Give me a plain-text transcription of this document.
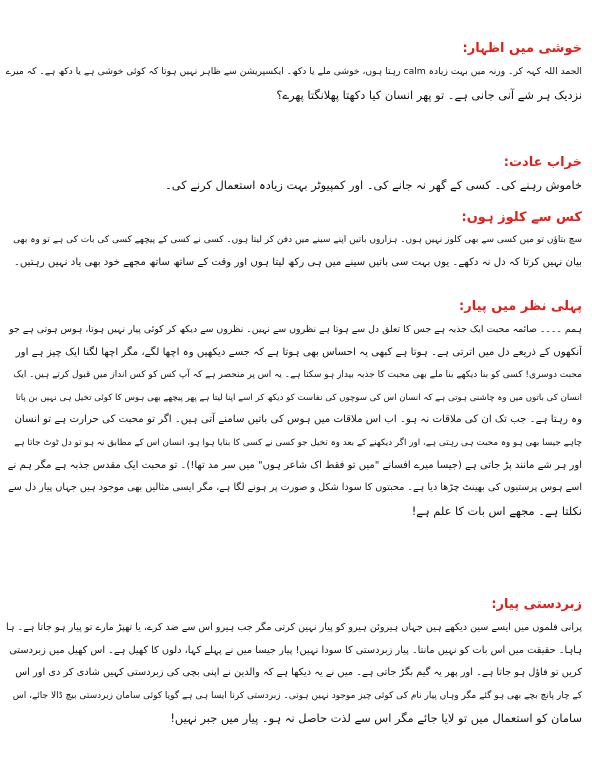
خوشی میں اظہار:
الحمد اللہ کہہ کر۔ ورنہ میں بہت زیادہ calm رہتا ہوں، خوشی ملے یا دکھ۔ ایکسپریشن سے ظاہر نہیں ہوتا کہ کوئی خوشی ہے یا دکھ ہے۔ کہ میرے
نزدیک ہر شے آنی جانی ہے۔ تو پھر انسان کیا دکھتا پھلانگتا پھرے؟
خراب عادت:
خاموش رہنے کی۔ کسی کے گھر نہ جانے کی۔ اور کمپیوٹر بہت زیادہ استعمال کرنے کی۔
کس سے کلوز ہوں:
سچ بتاؤں تو میں کسی سے بھی کلوز نہیں ہوں۔ ہزاروں باتیں اپنے سینے میں دفن کر لیتا ہوں۔ کسی نے کسی کے پیچھے کسی کی بات کی ہے تو وہ بھی
بیان نہیں کرتا کہ دل نہ دکھے۔ یوں بہت سی باتیں سینے میں ہی رکھ لیتا ہوں اور وقت کے ساتھ ساتھ مجھے خود بھی یاد نہیں رہتیں۔
پہلی نظر میں پیار:
ہمم ۔۔۔۔ صائمہ محبت ایک جذبہ ہے جس کا تعلق دل سے ہوتا ہے نظروں سے نہیں۔ نظروں سے دیکھ کر کوئی پیار نہیں ہوتا، ہوس ہوتی ہے جو
آنکھوں کے ذریعے دل میں اترتی ہے۔ ہوتا ہے کبھی یہ احساس بھی ہوتا ہے کہ جسے دیکھیں وہ اچھا لگے، مگر اچھا لگنا ایک چیز ہے اور
محبت دوسری! کسی کو بنا دیکھے بنا ملے بھی محبت کا جذبہ بیدار ہو سکتا ہے۔ یہ اس پر منحصر ہے کہ آپ کس کو کس انداز میں قبول کرتے ہیں۔ ایک
انسان کی باتوں میں وہ چاشنی ہوتی ہے کہ انسان اس کی سوچوں کی نفاست کو دیکھ کر اسے اپنا لیتا ہے پھر پیچھے بھی ہوس کا کوئی تخیل ہی نہیں بن پاتا
وہ رہتا ہے۔ جب تک ان کی ملاقات نہ ہو۔ اب اس ملاقات میں ہوس کی باتیں سامنے آتی ہیں۔ اگر تو محبت کی حرارت ہے تو انسان
چاہے جیسا بھی ہو وہ محبت ہی رہتی ہے، اور اگر دیکھنے کے بعد وہ تخیل جو کسی نے کسی کا بنایا ہوا ہو، انسان اس کے مطابق نہ ہو تو دل ٹوٹ جاتا ہے
اور ہر شے مانند پڑ جاتی ہے (جیسا میرے افسانے "میں تو فقط اک شاعر ہوں" میں سر مد تھا!)۔ تو محبت ایک مقدس جذبہ ہے مگر ہم نے
اسے ہوس پرستیوں کی بھینٹ چڑھا دیا ہے۔ محبتوں کا سودا شکل و صورت پر ہونے لگا ہے، مگر ایسی مثالیں بھی موجود ہیں جہاں پیار دل سے
نکلتا ہے۔ مجھے اس بات کا علم ہے!
زبردستی پیار:
پرانی فلموں میں ایسے سین دیکھے ہیں جہاں ہیروئن ہیرو کو پیار نہیں کرتی مگر جب ہیرو اس سے ضد کرے، یا تھپڑ مارے تو پیار ہو جاتا ہے۔ ہا
ہاہا۔ حقیقت میں اس بات کو نہیں مانتا۔ پیار زبردستی کا سودا نہیں! پیار جیسا میں نے پہلے کہا، دلوں کا کھیل ہے۔ اس کھیل میں زبردستی
کریں تو فاؤل ہو جاتا ہے۔ اور پھر یہ گیم بگڑ جاتی ہے۔ میں نے یہ دیکھا ہے کہ والدین نے اپنی بچی کی زبردستی کہیں شادی کر دی اور اس
کے چار پانچ بچے بھی ہو گئے مگر وہاں پیار نام کی کوئی چیز موجود نہیں ہوتی۔ زبردستی کرنا ایسا ہی ہے گویا کوئی سامان زبردستی بیچ ڈالا جائے، اس
سامان کو استعمال میں تو لایا جائے مگر اس سے لذت حاصل نہ ہو۔ پیار میں جبر نہیں!
